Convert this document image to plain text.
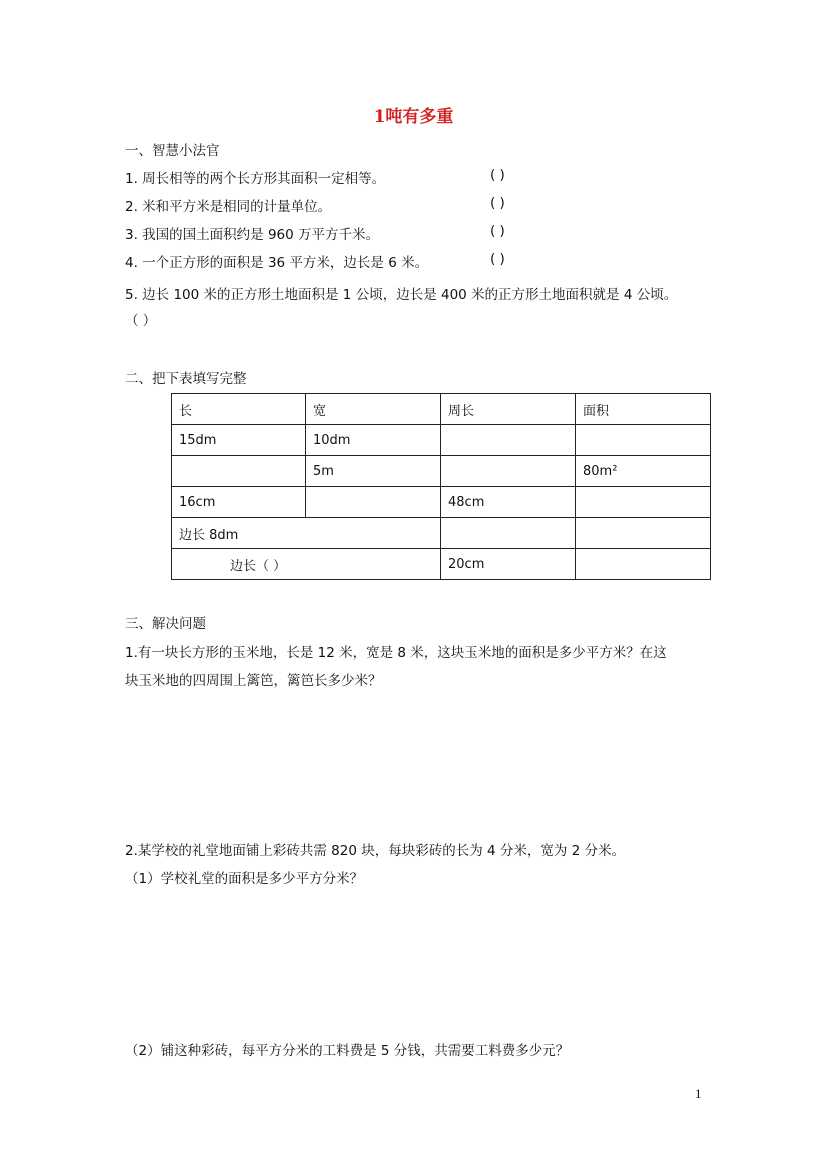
1吨有多重
一、智慧小法官
1. 周长相等的两个长方形其面积一定相等。	( )
2. 米和平方米是相同的计量单位。	( )
3. 我国的国土面积约是 960 万平方千米。	( )
4. 一个正方形的面积是 36 平方米，边长是 6 米。	( )
5. 边长 100 米的正方形土地面积是 1 公顷，边长是 400 米的正方形土地面积就是 4 公顷。
（ ）
二、把下表填写完整
长	宽	周长	面积
15dm	10dm		
	5m		80m²
16cm		48cm	
边长 8dm			
边长（ ）		20cm	
三、解决问题
1.有一块长方形的玉米地，长是 12 米，宽是 8 米，这块玉米地的面积是多少平方米？在这
块玉米地的四周围上篱笆，篱笆长多少米？
2.某学校的礼堂地面铺上彩砖共需 820 块，每块彩砖的长为 4 分米，宽为 2 分米。
（1）学校礼堂的面积是多少平方分米？
（2）铺这种彩砖，每平方分米的工料费是 5 分钱，共需要工料费多少元？
1
